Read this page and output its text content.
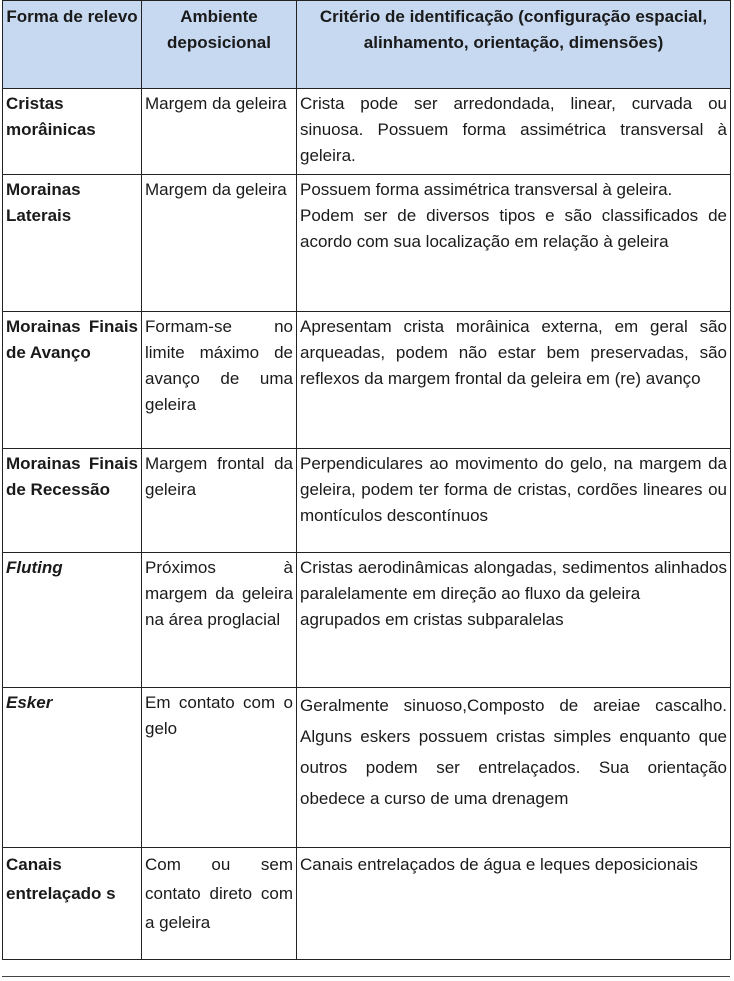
Forma de relevo	Ambiente deposicional	Critério de identificação (configuração espacial, alinhamento, orientação, dimensões)
Cristas morâinicas	Margem da geleira	Crista pode ser arredondada, linear, curvada ou sinuosa. Possuem forma assimétrica transversal à geleira.

Morainas Laterais	Margem da geleira	Possuem forma assimétrica transversal à geleira.
Podem ser de diversos tipos e são classificados de acordo com sua localização em relação à geleira

Morainas Finais de Avanço	Formam-se no limite máximo de avanço de uma geleira	Apresentam crista morâinica externa, em geral são arqueadas, podem não estar bem preservadas, são reflexos da margem frontal da geleira em (re) avanço

Morainas Finais de Recessão	Margem frontal da geleira	Perpendiculares ao movimento do gelo, na margem da geleira, podem ter forma de cristas, cordões lineares ou montículos descontínuos

Fluting	Próximos à margem da geleira na área proglacial	Cristas aerodinâmicas alongadas, sedimentos alinhados paralelamente em direção ao fluxo da geleira
agrupados em cristas subparalelas

Esker	Em contato com o gelo	Geralmente sinuoso,Composto de areiae cascalho. Alguns eskers possuem cristas simples enquanto que outros podem ser entrelaçados. Sua orientação obedece a curso de uma drenagem

Canais entrelaçado s	Com ou sem contato direto com a geleira	Canais entrelaçados de água e leques deposicionais
